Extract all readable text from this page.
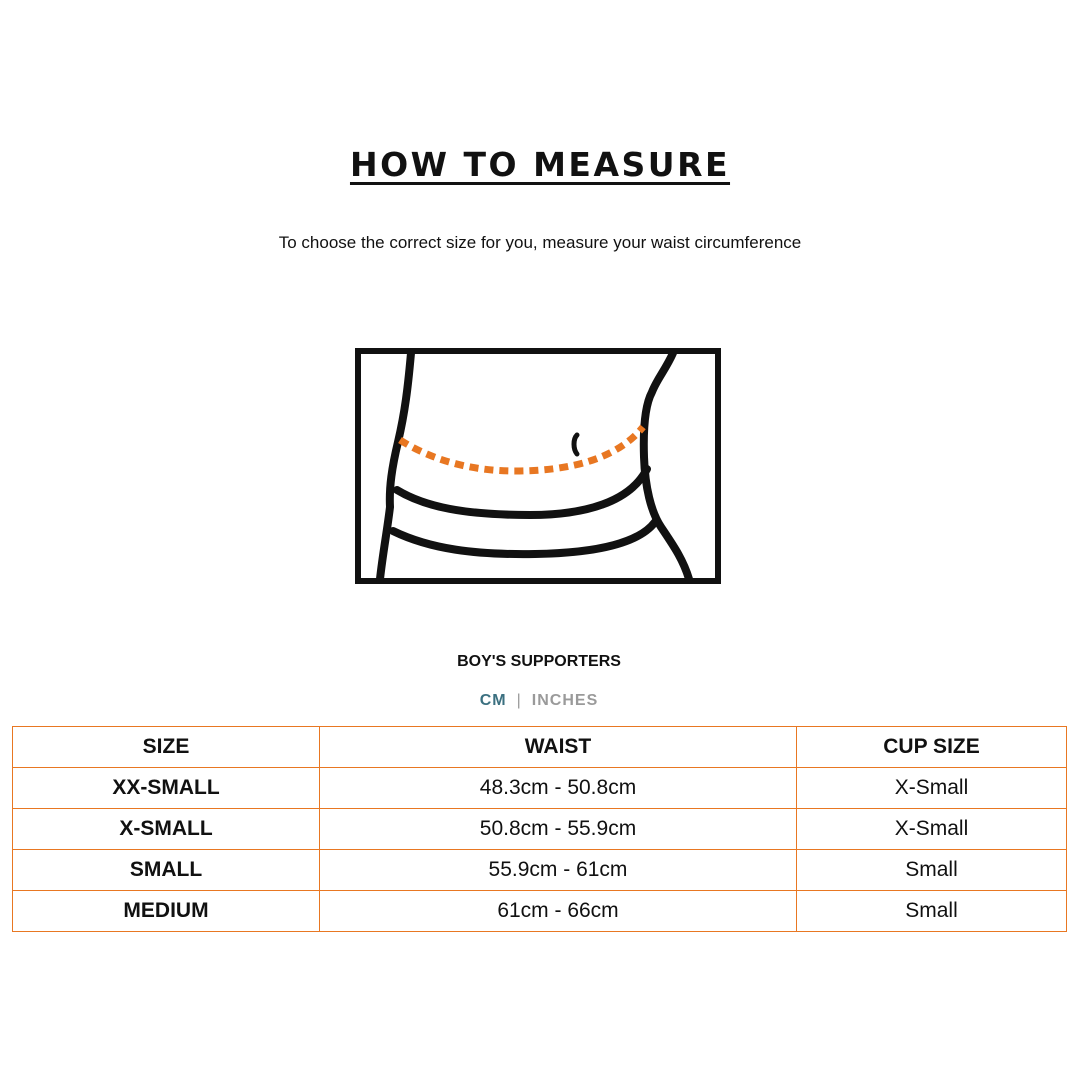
HOW TO MEASURE
To choose the correct size for you, measure your waist circumference
BOY'S SUPPORTERS
CM | INCHES
SIZE	WAIST	CUP SIZE
XX-SMALL	48.3cm - 50.8cm	X-Small
X-SMALL	50.8cm - 55.9cm	X-Small
SMALL	55.9cm - 61cm	Small
MEDIUM	61cm - 66cm	Small
